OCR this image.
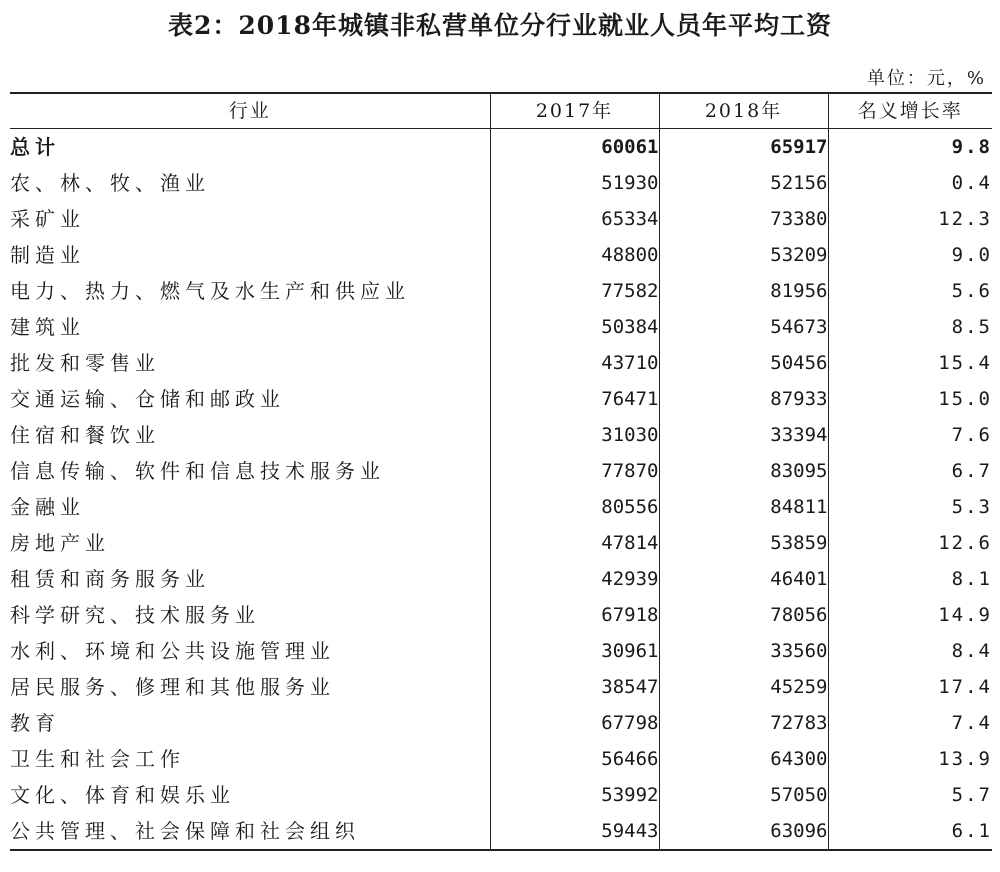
表2：2018年城镇非私营单位分行业就业人员年平均工资
单位：元，%
行业	2017年	2018年	名义增长率
总计	60061	65917	9.8
农、林、牧、渔业	51930	52156	0.4
采矿业	65334	73380	12.3
制造业	48800	53209	9.0
电力、热力、燃气及水生产和供应业	77582	81956	5.6
建筑业	50384	54673	8.5
批发和零售业	43710	50456	15.4
交通运输、仓储和邮政业	76471	87933	15.0
住宿和餐饮业	31030	33394	7.6
信息传输、软件和信息技术服务业	77870	83095	6.7
金融业	80556	84811	5.3
房地产业	47814	53859	12.6
租赁和商务服务业	42939	46401	8.1
科学研究、技术服务业	67918	78056	14.9
水利、环境和公共设施管理业	30961	33560	8.4
居民服务、修理和其他服务业	38547	45259	17.4
教育	67798	72783	7.4
卫生和社会工作	56466	64300	13.9
文化、体育和娱乐业	53992	57050	5.7
公共管理、社会保障和社会组织	59443	63096	6.1
